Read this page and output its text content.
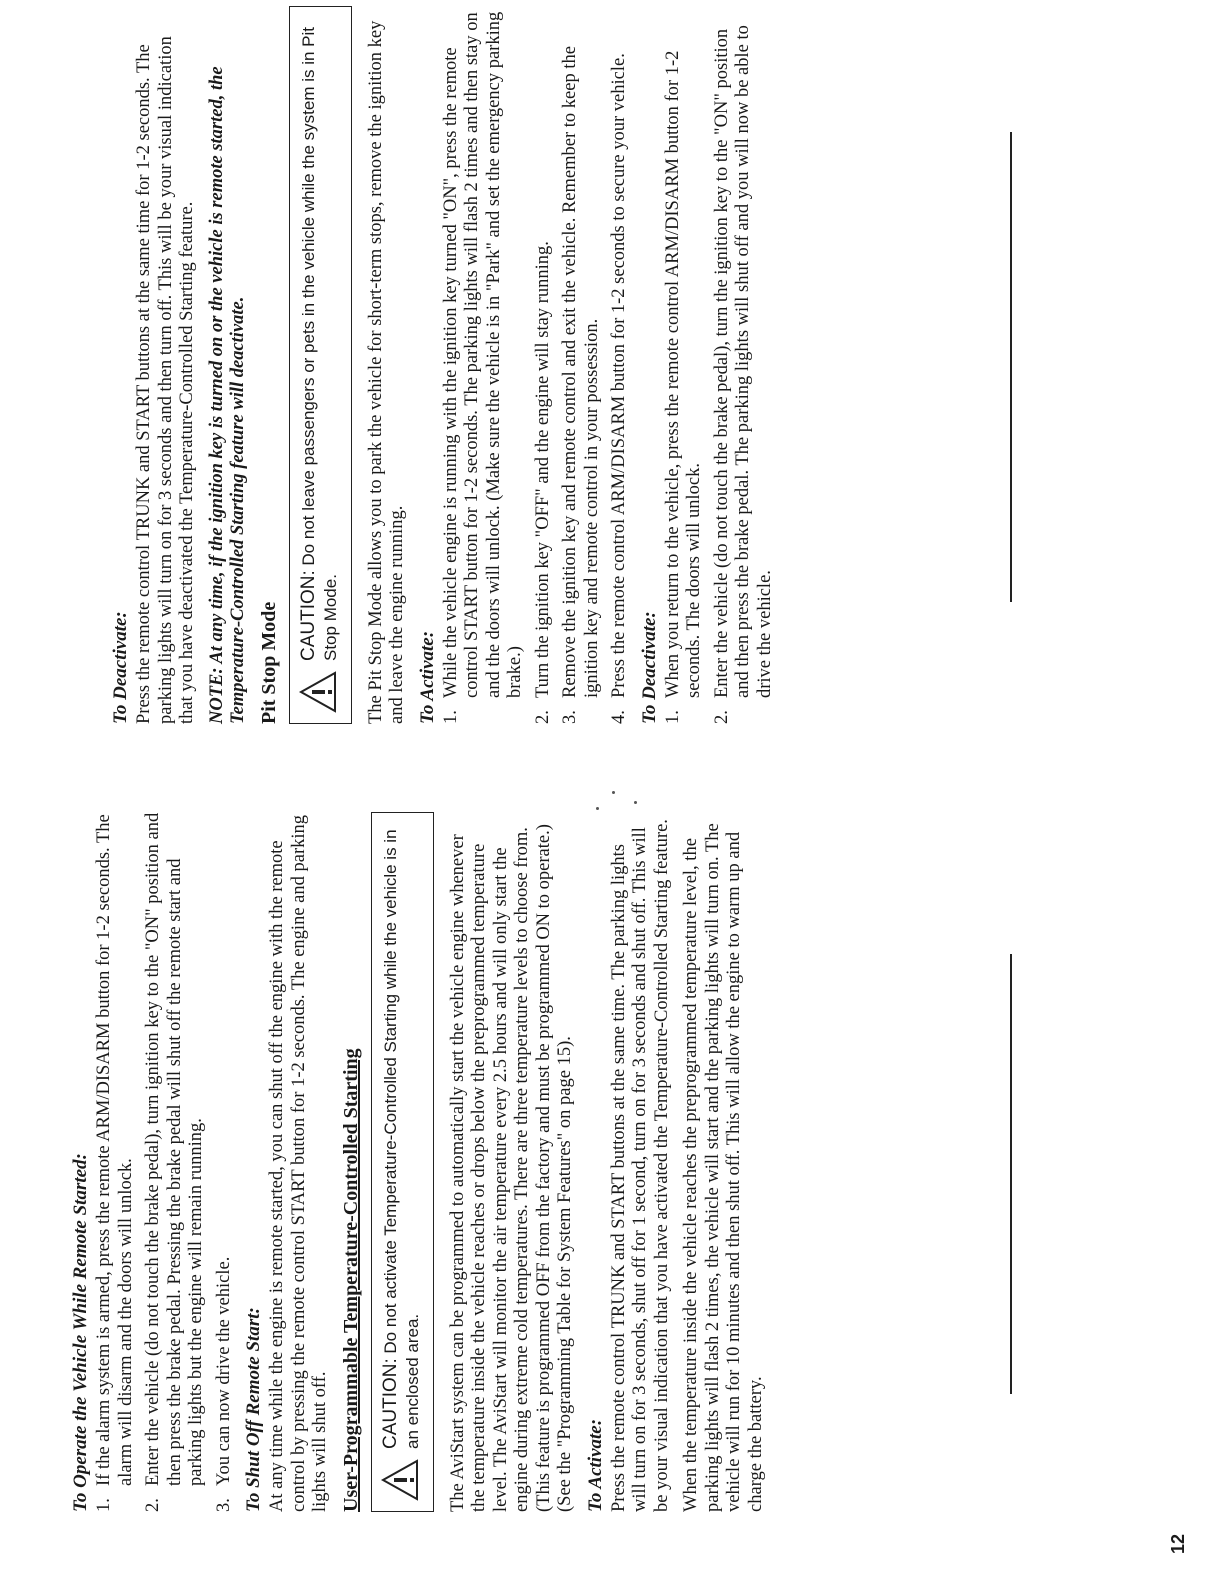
To Operate the Vehicle While Remote Started: 1.
If the alarm system is armed, press the remote ARM/DISARM button for 1-2 seconds. The alarm will disarm and the doors will unlock.
2.
Enter the vehicle (do not touch the brake pedal), turn ignition key to the "ON" position and then press the brake pedal. Pressing the brake pedal will shut off the remote start and parking lights but the engine will remain running.
3.
You can now drive the vehicle. To Shut Off Remote Start: At any time while the engine is remote started, you can shut off the engine with the remote control by pressing the remote control START button for 1-2 seconds. The engine and parking lights will shut off. User-Programmable Temperature-Controlled Starting CAUTION: Do not activate Temperature-Controlled Starting while the vehicle is in an enclosed area.	The AviStart system can be programmed to automatically start the vehicle engine whenever the temperature inside the vehicle reaches or drops below the preprogrammed temperature level. The AviStart will monitor the air temperature every 2.5 hours and will only start the engine during extreme cold temperatures. There are three temperature levels to choose from. (This feature is programmed OFF from the factory and must be programmed ON to operate.) (See the "Programming Table for System Features" on page 15). To Activate: Press the remote control TRUNK and START buttons at the same time. The parking lights will turn on for 3 seconds, shut off for 1 second, turn on for 3 seconds and shut off. This will be your visual indication that you have activated the Temperature-Controlled Starting feature. When the temperature inside the vehicle reaches the preprogrammed temperature level, the parking lights will flash 2 times, the vehicle will start and the parking lights will turn on. The vehicle will run for 10 minutes and then shut off. This will allow the engine to warm up and charge the battery.

12
To Deactivate: Press the remote control TRUNK and START buttons at the same time for 1-2 seconds. The parking lights will turn on for 3 seconds and then turn off. This will be your visual indication that you have deactivated the Temperature-Controlled Starting feature. NOTE: At any time, if the ignition key is turned on or the vehicle is remote started, the Temperature-Controlled Starting feature will deactivate. Pit Stop Mode CAUTION: Do not leave passengers or pets in the vehicle while the system is in Pit Stop Mode.	The Pit Stop Mode allows you to park the vehicle for short-term stops, remove the ignition key and leave the engine running. To Activate: 1.
While the vehicle engine is running with the ignition key turned "ON", press the remote control START button for 1-2 seconds. The parking lights will flash 2 times and then stay on and the doors will unlock. (Make sure the vehicle is in "Park" and set the emergency parking brake.)
2.
Turn the ignition key "OFF" and the engine will stay running.
3.
Remove the ignition key and remote control and exit the vehicle. Remember to keep the ignition key and remote control in your possession.
4.
Press the remote control ARM/DISARM button for 1-2 seconds to secure your vehicle. To Deactivate: 1.
When you return to the vehicle, press the remote control ARM/DISARM button for 1-2 seconds. The doors will unlock.
2.
Enter the vehicle (do not touch the brake pedal), turn the ignition key to the "ON" position and then press the brake pedal. The parking lights will shut off and you will now be able to drive the vehicle.
